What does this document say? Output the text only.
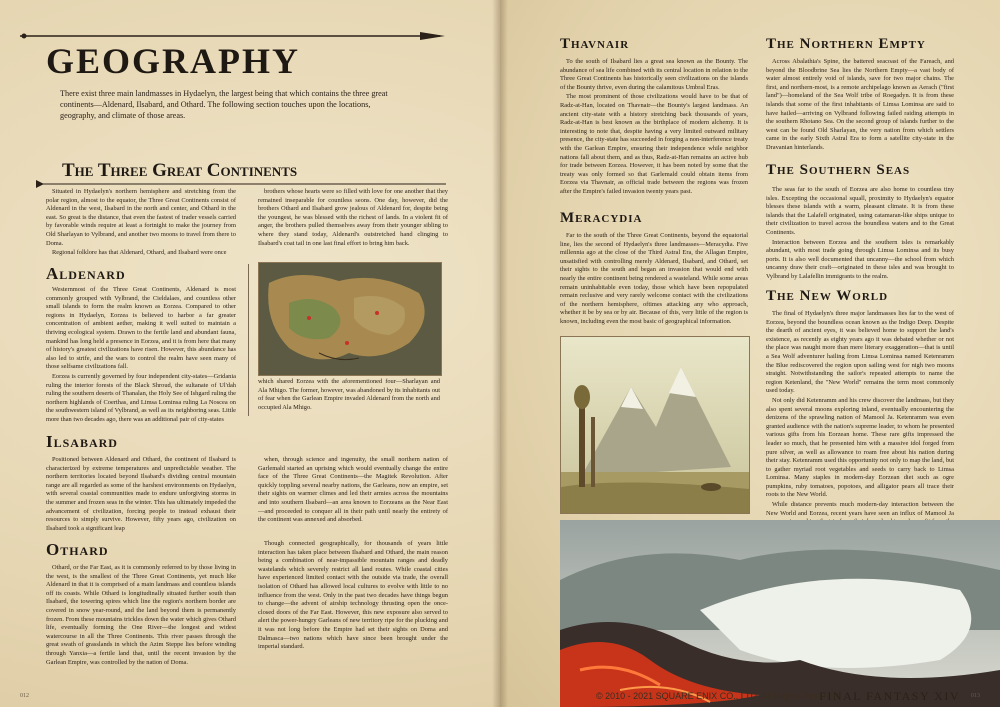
GEOGRAPHY
There exist three main landmasses in Hydaelyn, the largest being that which contains the three great continents—Aldenard, Ilsabard, and Othard. The following section touches upon the locations, geography, and climate of those areas.
The Three Great Continents

Situated in Hydaelyn's northern hemisphere and stretching from the polar region, almost to the equator, the Three Great Continents consist of Aldenard in the west, Ilsabard in the north and center, and Othard in the east. So great is the distance, that even the fastest of trader vessels carried by favorable winds require at least a fortnight to make the journey from Old Sharlayan to Vylbrand, and another two moons to travel from there to Doma.

Regional folklore has that Aldenard, Othard, and Ilsabard were once

brothers whose hearts were so filled with love for one another that they remained inseparable for countless seons. One day, however, did the brothers Othard and Ilsabard grow jealous of Aldenard for, despite being the youngest, he was blessed with the richest of lands. In a violent fit of anger, the brothers pulled themselves away from their younger sibling to where they stand today, Aldenard's outstretched hand clinging to Ilsabard's coat tail in one last final effort to bring him back.

Aldenard

Westernmost of the Three Great Continents, Aldenard is most commonly grouped with Vylbrand, the Cieldalaes, and countless other small islands to form the realm known as Eorzea. Compared to other regions in Hydaelyn, Eorzea is believed to harbor a far greater concentration of ambient aether, making it well suited to maintain a thriving ecological system. Drawn to the fertile land and abundant fauna, mankind has long held a presence in Eorzea, and it is from here that many of history's greatest civilizations have risen. However, this abundance has also led to strife, and the wars to control the realm have seen many of those selfsame civilizations fall.

Eorzea is currently governed by four independent city-states—Gridania ruling the interior forests of the Black Shroud, the sultanate of Ul'dah ruling the southern deserts of Thanalan, the Holy See of Ishgard ruling the northern highlands of Coerthas, and Limsa Lominsa ruling La Noscea on the southwestern island of Vylbrand, as well as its neighboring seas. Little more than two decades ago, there was an additional pair of city-states

which shared Eorzea with the aforementioned four—Sharlayan and Ala Mhigo. The former, however, was abandoned by its inhabitants out of fear when the Garlean Empire invaded Aldenard from the north and occupied Ala Mhigo.

Ilsabard

Positioned between Aldenard and Othard, the continent of Ilsabard is characterized by extreme temperatures and unpredictable weather. The northern territories located beyond Ilsabard's dividing central mountain range are all regarded as some of the harshest environments on Hydaelyn, with several coastal communities made to endure unforgiving storms in the summer and frozen seas in the winter. This has ultimately impeded the advancement of civilization, forcing people to instead exhaust their resources to simply survive. However, fifty years ago, civilization on Ilsabard took a significant leap

when, through science and ingenuity, the small northern nation of Garlemald started an uprising which would eventually change the entire face of the Three Great Continents—the Magitek Revolution. After quickly toppling several nearby nations, the Garleans, now an empire, set their sights on warmer climes and led their armies across the mountains and into southern Ilsabard—an area known to Eorzeans as the Near East—and proceeded to conquer all in their path until nearly the entirety of the continent was annexed and absorbed.

Othard

Othard, or the Far East, as it is commonly referred to by those living in the west, is the smallest of the Three Great Continents, yet much like Aldenard in that it is comprised of a main landmass and countless islands off its coasts. While Othard is longitudinally situated further south than Ilsabard, the towering spires which line the region's northern border are covered in snow year-round, and the land beyond them is permanently frozen. From these mountains trickles down the water which gives Othard life, eventually forming the One River—the longest and widest watercourse in all the Three Continents. This river passes through the great swath of grasslands in which the Azim Steppe lies before winding through Yanxia—a fertile land that, until the recent invasion by the Garlean Empire, was controlled by the nation of Doma.

Though connected geographically, for thousands of years little interaction has taken place between Ilsabard and Othard, the main reason being a combination of near-impassible mountain ranges and deadly wastelands which severely restrict all land routes. While coastal cities have experienced limited contact with the outside via trade, the overall isolation of Othard has allowed local cultures to evolve with little to no influence from the west. Only in the past two decades have things begun to change—the advent of airship technology thrusting open the once-closed doors of the Far East. However, this new exposure also served to alert the power-hungry Garleans of new territory ripe for the plucking and it was not long before the Empire had set their sights on Doma and Dalmasca—two nations which have since been brought under the imperial standard.

012
Thavnair

To the south of Ilsabard lies a great sea known as the Bounty. The abundance of sea life combined with its central location in relation to the Three Great Continents has historically seen civilizations on the islands of the Bounty thrive, even during the calamitous Umbral Eras.

The most prominent of those civilizations would have to be that of Radz-at-Han, located on Thavnair—the Bounty's largest landmass. An ancient city-state with a history stretching back thousands of years, Radz-at-Han is best known as the birthplace of modern alchemy. It is interesting to note that, despite having a very limited outward military presence, the city-state has succeeded in forging a non-interference treaty with the Garlean Empire, ensuring their independence while neighbor nations fall about them, and as thus, Radz-at-Han remains an active hub for trade between Eorzea. However, it has been noted by some that the treaty was only formed so that Garlemald could obtain items from Eorzea via Thavnair, as official trade between the regions was frozen after the Empire's failed invasion twenty years past.

Meracydia

Far to the south of the Three Great Continents, beyond the equatorial line, lies the second of Hydaelyn's three landmasses—Meracydia. Five millennia ago at the close of the Third Astral Era, the Allagan Empire, unsatisfied with controlling merely Aldenard, Ilsabard, and Othard, set their sights to the south and began an invasion that would end with nearly the entire continent being rendered a wasteland. While some areas remain uninhabitable even today, those which have been repopulated remain reclusive and very rarely welcome contact with the civilizations of the northern hemisphere, oftimes attacking any who approach, whether it be by sea or by air. Because of this, very little of the region is known, including even the most basic of geographical information.

The Northern Empty

Across Abalathia's Spine, the battered seacoast of the Fareach, and beyond the Bloodbrine Sea lies the Northern Empty—a vast body of water almost entirely void of islands, save for two major chains. The first, and northern-most, is a remote archipelago known as Aerach ("first land")—homeland of the Sea Wolf tribe of Roegadyn. It is from these islands that some of the first inhabitants of Limsa Lominsa are said to have hailed—arriving on Vylbrand following failed raiding attempts in the southern Rhotano Sea. On the second group of islands further to the west can be found Old Sharlayan, the very nation from which settlers came in the early Sixth Astral Era to form a satellite city-state in the Dravanian hinterlands.

The Southern Seas

The seas far to the south of Eorzea are also home to countless tiny isles. Excepting the occasional squall, proximity to Hydaelyn's equator blesses these islands with a warm, pleasant climate. It is from these islands that the Lalafell originated, using catamaran-like ships unique to their civilization to travel across the boundless waters and to the Great Continents.

Interaction between Eorzea and the southern isles is remarkably abundant, with most trade going through Limsa Lominsa and its busy ports. It is also well documented that uncanny—the school from which uncanny draw their craft—originated in these isles and was brought to Vylbrand by Lalafellin immigrants to the realm.

The New World

The final of Hydaelyn's three major landmasses lies far to the west of Eorzea, beyond the boundless ocean known as the Indigo Deep. Despite the dearth of ancient eyes, it was believed home to support the land's existence, as recently as eighty years ago it was debated whether or not the place was naught more than mere literary exaggeration—that is until a Sea Wolf adventurer hailing from Limsa Lominsa named Ketenramm the Blue rediscovered the region upon sailing west for nigh two moons straight. Notwithstanding the sailor's repeated attempts to name the region Ketenland, the "New World" remains the term most commonly used today.

Not only did Ketenramm and his crew discover the landmass, but they also spent several moons exploring inland, eventually encountering the denizens of the sprawling nation of Mamool Ja. Ketenramm was even granted audience with the nation's supreme leader, to whom he presented various gifts from his Eorzean home. These rare gifts impressed the leader so much, that he presented him with a massive idol forged from pure silver, as well as allowance to roam free about his nation during their stay. Ketenramm used this opportunity not only to map the land, but to gather myriad root vegetables and seeds to carry back to Limsa Lominsa. Many staples in modern-day Eorzean diet such as ogre pumpkins, ruby tomatoes, popotoes, and alligator pears all trace their roots to the New World.

While distance prevents much modern-day interaction between the New World and Eorzea, recent years have seen an influx of Mamool Ja

013
© 2010 - 2021 SQUARE ENIX CO., LTD. All Rights Reserved.
FINAL FANTASY XIV
